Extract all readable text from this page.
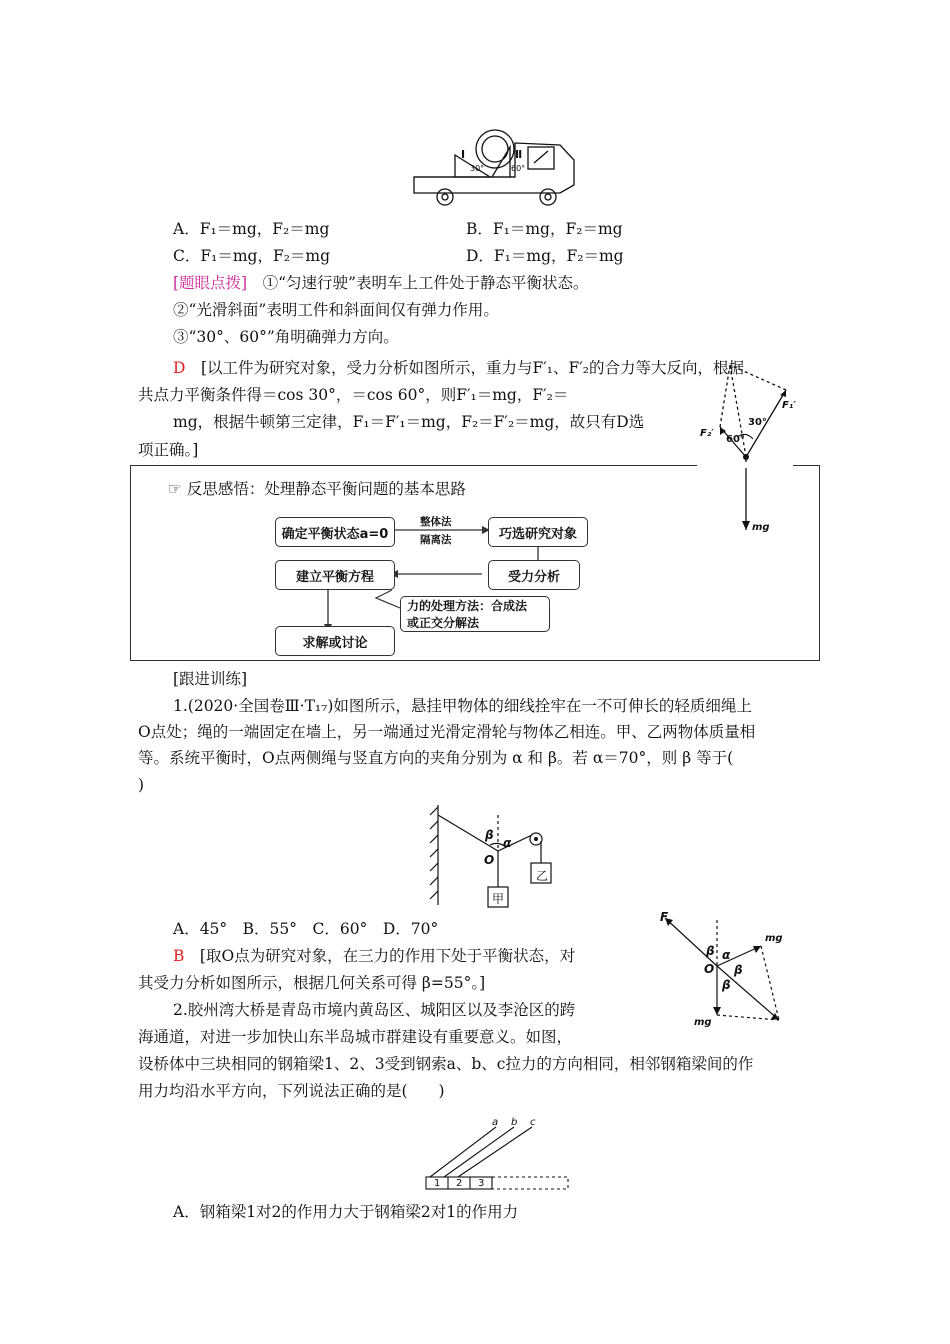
Ⅰ	Ⅱ
30°	60°
A．F₁＝mg，F₂＝mg	B．F₁＝mg，F₂＝mg
C．F₁＝mg，F₂＝mg	D．F₁＝mg，F₂＝mg
[题眼点拨]　 ①“匀速行驶”表明车上工件处于静态平衡状态。
②“光滑斜面”表明工件和斜面间仅有弹力作用。
③“30°、60°”角明确弹力方向。
D　 [以工件为研究对象，受力分析如图所示，重力与F′₁、F′₂的合力等大反向，根据
共点力平衡条件得＝cos 30°，＝cos 60°，则F′₁＝mg，F′₂＝
mg，根据牛顿第三定律，F₁＝F′₁＝mg，F₂＝F′₂＝mg，故只有D选
项正确。]
F₁′
F₂′
30°
60°
mg
☞ 反思感悟：处理静态平衡问题的基本思路
确定平衡状态a=0	巧选研究对象
受力分析
建立平衡方程
求解或讨论
整体法
隔离法
力的处理方法：合成法
或正交分解法
[跟进训练]
1.(2020·全国卷Ⅲ·T₁₇)如图所示，悬挂甲物体的细线拴牢在一不可伸长的轻质细绳上
O点处；绳的一端固定在墙上，另一端通过光滑定滑轮与物体乙相连。甲、乙两物体质量相
等。系统平衡时，O点两侧绳与竖直方向的夹角分别为 α 和 β。若 α＝70°，则 β 等于(
)
β
α
O
甲
乙
A．45°　B．55°　C．60°　D．70°
B　 [取O点为研究对象，在三力的作用下处于平衡状态，对
其受力分析如图所示，根据几何关系可得 β=55°。]
F
mg
O
β α
β
β
mg
2.胶州湾大桥是青岛市境内黄岛区、城阳区以及李沧区的跨
海通道，对进一步加快山东半岛城市群建设有重要意义。如图，
设桥体中三块相同的钢箱梁1、2、3受到钢索a、b、c拉力的方向相同，相邻钢箱梁间的作
用力均沿水平方向，下列说法正确的是(　　)
a b c
1 2 3
A．钢箱梁1对2的作用力大于钢箱梁2对1的作用力
